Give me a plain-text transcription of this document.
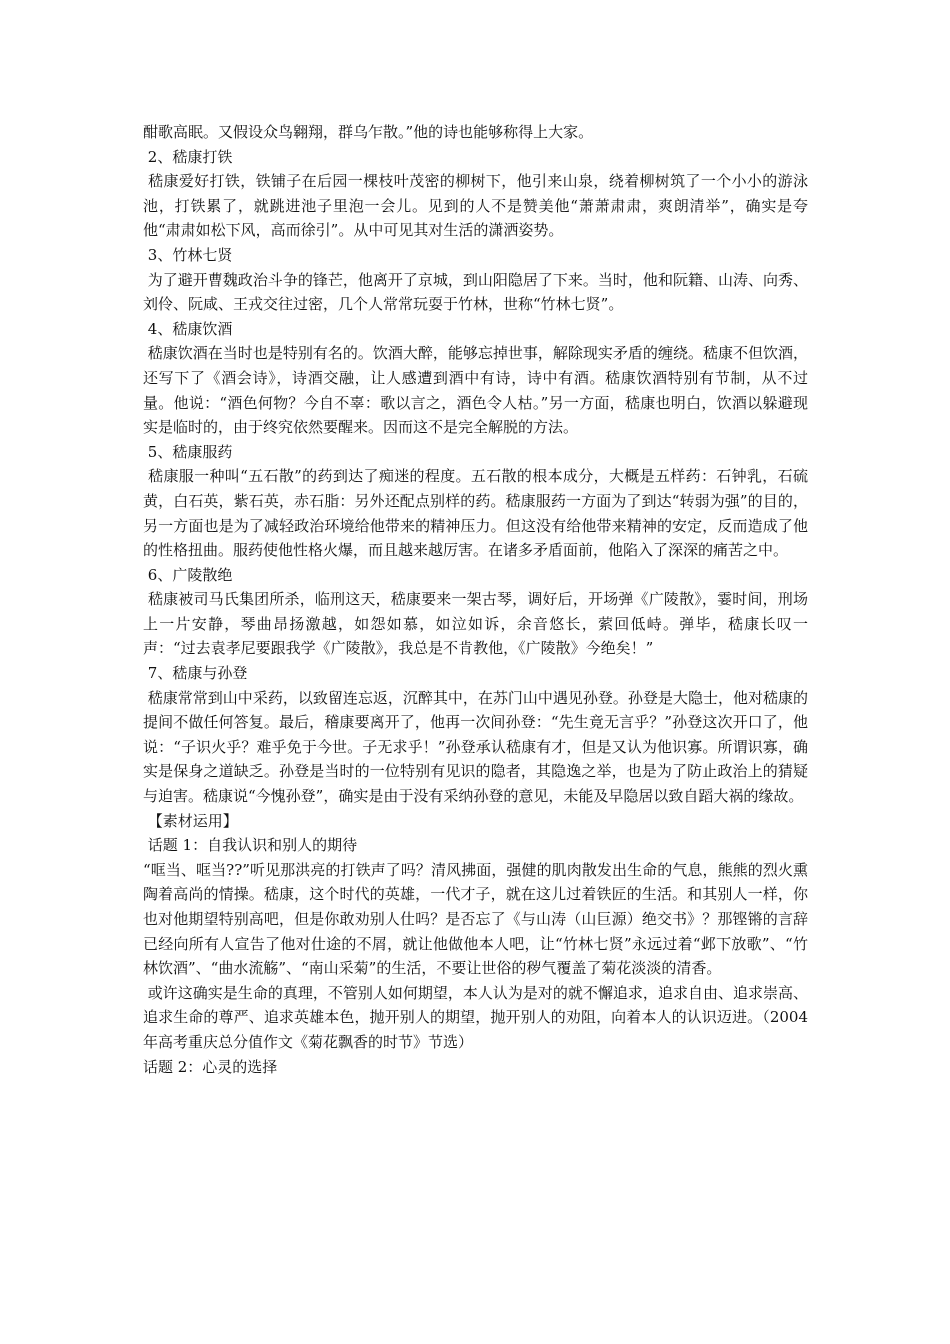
酣歌高眠。又假设众鸟翱翔，群乌乍散。”他的诗也能够称得上大家。

2、嵇康打铁

嵇康爱好打铁，铁铺子在后园一棵枝叶茂密的柳树下，他引来山泉，绕着柳树筑了一个小小的游泳池，打铁累了，就跳进池子里泡一会儿。见到的人不是赞美他“萧萧肃肃，爽朗清举”，确实是夸他“肃肃如松下风，高而徐引”。从中可见其对生活的潇洒姿势。

3、竹林七贤

为了避开曹魏政治斗争的锋芒，他离开了京城，到山阳隐居了下来。当时，他和阮籍、山涛、向秀、刘伶、阮咸、王戎交往过密，几个人常常玩耍于竹林，世称“竹林七贤”。

4、嵇康饮酒

嵇康饮酒在当时也是特别有名的。饮酒大醉，能够忘掉世事，解除现实矛盾的缠绕。嵇康不但饮酒，还写下了《酒会诗》，诗酒交融，让人感遭到酒中有诗，诗中有酒。嵇康饮酒特别有节制，从不过量。他说：“酒色何物？今自不辜：歌以言之，酒色令人枯。”另一方面，嵇康也明白，饮酒以躲避现实是临时的，由于终究依然要醒来。因而这不是完全解脱的方法。

5、嵇康服药

嵇康服一种叫“五石散”的药到达了痴迷的程度。五石散的根本成分，大概是五样药：石钟乳，石硫黄，白石英，紫石英，赤石脂：另外还配点别样的药。嵇康服药一方面为了到达“转弱为强”的目的，另一方面也是为了减轻政治环境给他带来的精神压力。但这没有给他带来精神的安定，反而造成了他的性格扭曲。服药使他性格火爆，而且越来越厉害。在诸多矛盾面前，他陷入了深深的痛苦之中。

6、广陵散绝

嵇康被司马氏集团所杀，临刑这天，嵇康要来一架古琴，调好后，开场弹《广陵散》，霎时间，刑场上一片安静，琴曲昂扬激越，如怨如慕，如泣如诉，余音悠长，萦回低峙。弹毕，嵇康长叹一声：“过去袁孝尼要跟我学《广陵散》，我总是不肯教他，《广陵散》今绝矣！”

7、嵇康与孙登

嵇康常常到山中采药，以致留连忘返，沉醉其中，在苏门山中遇见孙登。孙登是大隐士，他对嵇康的提间不做任何答复。最后，稽康要离开了，他再一次间孙登：“先生竟无言乎？”孙登这次开口了，他说：“子识火乎？难乎免于今世。子无求乎！”孙登承认嵇康有才，但是又认为他识寡。所谓识寡，确实是保身之道缺乏。孙登是当时的一位特别有见识的隐者，其隐逸之举，也是为了防止政治上的猜疑与迫害。嵇康说“今愧孙登”，确实是由于没有采纳孙登的意见，未能及早隐居以致自蹈大祸的缘故。

【素材运用】

话题 1：自我认识和别人的期待

“哐当、哐当??”听见那洪亮的打铁声了吗？清风拂面，强健的肌肉散发出生命的气息，熊熊的烈火熏陶着高尚的情操。嵇康，这个时代的英雄，一代才子，就在这儿过着铁匠的生活。和其别人一样，你也对他期望特别高吧，但是你敢劝别人仕吗？是否忘了《与山涛（山巨源）绝交书》？那铿锵的言辞已经向所有人宣告了他对仕途的不屑，就让他做他本人吧，让“竹林七贤”永远过着“邺下放歌”、“竹林饮酒”、“曲水流觞”、“南山采菊”的生活，不要让世俗的秽气覆盖了菊花淡淡的清香。

或许这确实是生命的真理，不管别人如何期望，本人认为是对的就不懈追求，追求自由、追求崇高、追求生命的尊严、追求英雄本色，抛开别人的期望，抛开别人的劝阻，向着本人的认识迈进。（2004 年高考重庆总分值作文《菊花飘香的时节》节选）

话题 2：心灵的选择
